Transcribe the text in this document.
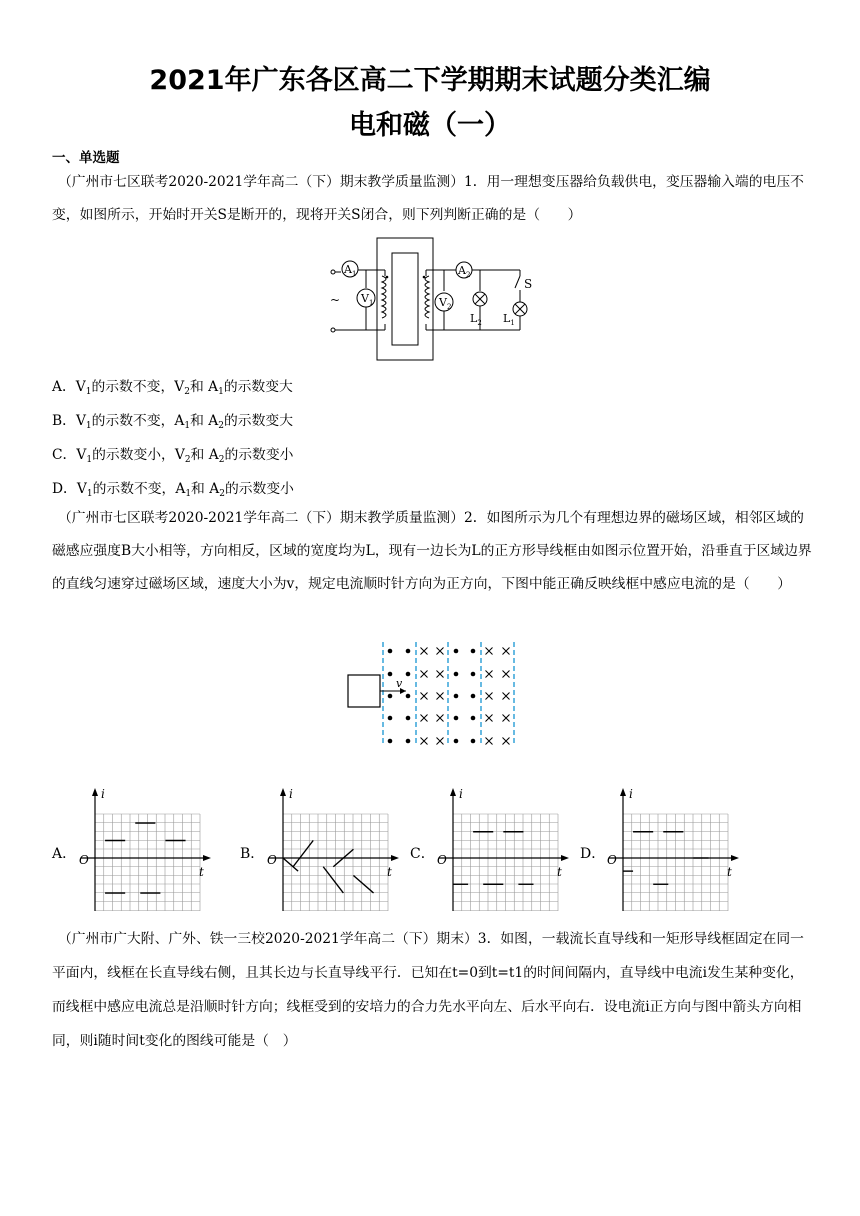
2021年广东各区高二下学期期末试题分类汇编
电和磁（一）
一、单选题
（广州市七区联考2020-2021学年高二（下）期末教学质量监测）1．用一理想变压器给负载供电，变压器输入端的电压不变，如图所示，开始时开关S是断开的，现将开关S闭合，则下列判断正确的是（　　）
~
$A_1$
$V_1$	$V_2$
$A_2$
$L_2$ $L_1$
S
A．$V_1$的示数不变，$V_2$和 $A_1$的示数变大
B．$V_1$的示数不变，$A_1$和 $A_2$的示数变大
C．$V_1$的示数变小，$V_2$和 $A_2$的示数变小
D．$V_1$的示数不变，$A_1$和 $A_2$的示数变小
（广州市七区联考2020-2021学年高二（下）期末教学质量监测）2．如图所示为几个有理想边界的磁场区域，相邻区域的磁感应强度B大小相等，方向相反，区域的宽度均为L，现有一边长为L的正方形导线框由如图示位置开始，沿垂直于区域边界的直线匀速穿过磁场区域，速度大小为v，规定电流顺时针方向为正方向，下图中能正确反映线框中感应电流的是（　　）
v
A．
i
t
O	B．
i
t
O	C．
i
t
O	D．
i
t
O
（广州市广大附、广外、铁一三校2020-2021学年高二（下）期末）3．如图，一载流长直导线和一矩形导线框固定在同一平面内，线框在长直导线右侧，且其长边与长直导线平行．已知在t=0到t=t1的时间间隔内，直导线中电流i发生某种变化，而线框中感应电流总是沿顺时针方向；线框受到的安培力的合力先水平向左、后水平向右．设电流i正方向与图中箭头方向相同，则i随时间t变化的图线可能是（　）
